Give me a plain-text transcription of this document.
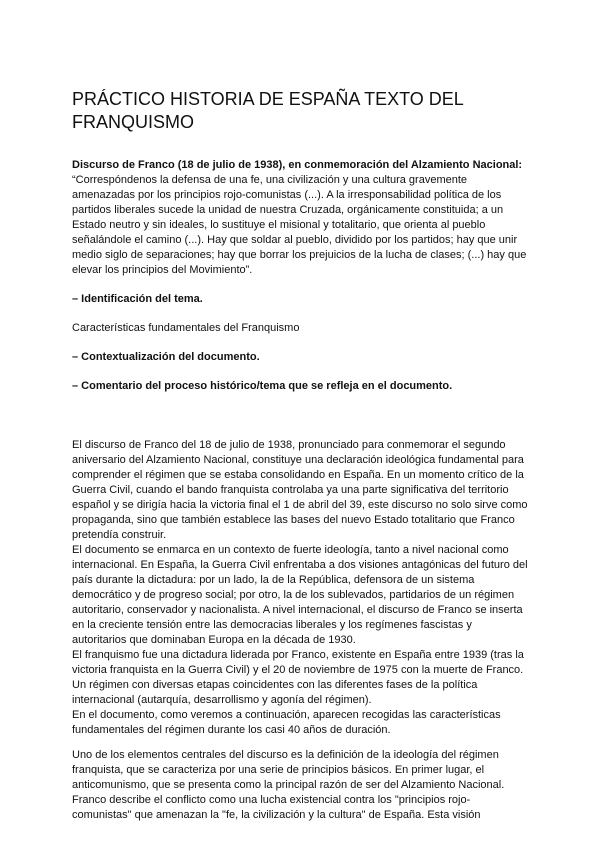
PRÁCTICO HISTORIA DE ESPAÑA TEXTO DEL FRANQUISMO

Discurso de Franco (18 de julio de 1938), en conmemoración del Alzamiento Nacional:

“Correspóndenos la defensa de una fe, una civilización y una cultura gravemente amenazadas por los principios rojo-comunistas (...). A la irresponsabilidad política de los partidos liberales sucede la unidad de nuestra Cruzada, orgánicamente constituida; a un Estado neutro y sin ideales, lo sustituye el misional y totalitario, que orienta al pueblo señalándole el camino (...). Hay que soldar al pueblo, dividido por los partidos; hay que unir medio siglo de separaciones; hay que borrar los prejuicios de la lucha de clases; (...) hay que elevar los principios del Movimiento”.

– Identificación del tema.

Características fundamentales del Franquismo

– Contextualización del documento.

– Comentario del proceso histórico/tema que se refleja en el documento.

El discurso de Franco del 18 de julio de 1938, pronunciado para conmemorar el segundo aniversario del Alzamiento Nacional, constituye una declaración ideológica fundamental para comprender el régimen que se estaba consolidando en España. En un momento crítico de la Guerra Civil, cuando el bando franquista controlaba ya una parte significativa del territorio español y se dirigía hacia la victoria final el 1 de abril del 39, este discurso no solo sirve como propaganda, sino que también establece las bases del nuevo Estado totalitario que Franco pretendía construir.

El documento se enmarca en un contexto de fuerte ideología, tanto a nivel nacional como internacional. En España, la Guerra Civil enfrentaba a dos visiones antagónicas del futuro del país durante la dictadura: por un lado, la de la República, defensora de un sistema democrático y de progreso social; por otro, la de los sublevados, partidarios de un régimen autoritario, conservador y nacionalista. A nivel internacional, el discurso de Franco se inserta en la creciente tensión entre las democracias liberales y los regímenes fascistas y autoritarios que dominaban Europa en la década de 1930.

El franquismo fue una dictadura liderada por Franco, existente en España entre 1939 (tras la victoria franquista en la Guerra Civil) y el 20 de noviembre de 1975 con la muerte de Franco. Un régimen con diversas etapas coincidentes con las diferentes fases de la política internacional (autarquía, desarrollismo y agonía del régimen).

En el documento, como veremos a continuación, aparecen recogidas las características fundamentales del régimen durante los casi 40 años de duración.

Uno de los elementos centrales del discurso es la definición de la ideología del régimen franquista, que se caracteriza por una serie de principios básicos. En primer lugar, el anticomunismo, que se presenta como la principal razón de ser del Alzamiento Nacional. Franco describe el conflicto como una lucha existencial contra los "principios rojo-comunistas" que amenazan la "fe, la civilización y la cultura" de España. Esta visión
